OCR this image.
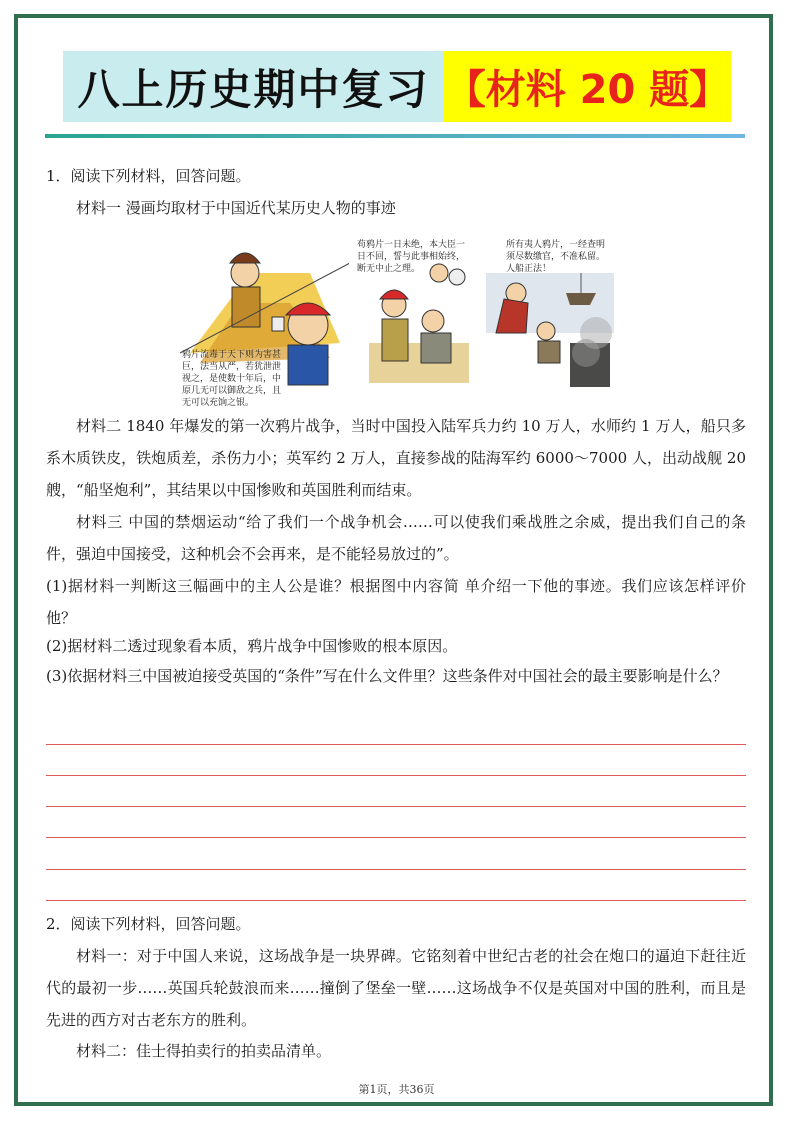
八上历史期中复习 【材料 20 题】
1．阅读下列材料，回答问题。
材料一 漫画均取材于中国近代某历史人物的事迹
鸦片流毒于天下则为害甚巨，法当从严，若犹泄泄视之，是使数十年后，中原几无可以御敌之兵，且无可以充饷之银。
苟鸦片一日未绝，本大臣一日不回，誓与此事相始终，断无中止之理。
所有夷人鸦片，一经查明须尽数缴官，不准私留。人船正法！
材料二 1840 年爆发的第一次鸦片战争，当时中国投入陆军兵力约 10 万人，水师约 1 万人，船只多系木质铁皮，铁炮质差，杀伤力小；英军约 2 万人，直接参战的陆海军约 6000～7000 人，出动战舰 20 艘，“船坚炮利”，其结果以中国惨败和英国胜利而结束。
材料三 中国的禁烟运动“给了我们一个战争机会……可以使我们乘战胜之余威，提出我们自己的条件，强迫中国接受，这种机会不会再来，是不能轻易放过的”。
(1)据材料一判断这三幅画中的主人公是谁？根据图中内容简 单介绍一下他的事迹。我们应该怎样评价他？
(2)据材料二透过现象看本质，鸦片战争中国惨败的根本原因。
(3)依据材料三中国被迫接受英国的“条件”写在什么文件里？这些条件对中国社会的最主要影响是什么？
2．阅读下列材料，回答问题。
材料一：对于中国人来说，这场战争是一块界碑。它铭刻着中世纪古老的社会在炮口的逼迫下赶往近代的最初一步……英国兵轮鼓浪而来……撞倒了堡垒一壁……这场战争不仅是英国对中国的胜利，而且是先进的西方对古老东方的胜利。
材料二：佳士得拍卖行的拍卖品清单。
第1页，共36页
